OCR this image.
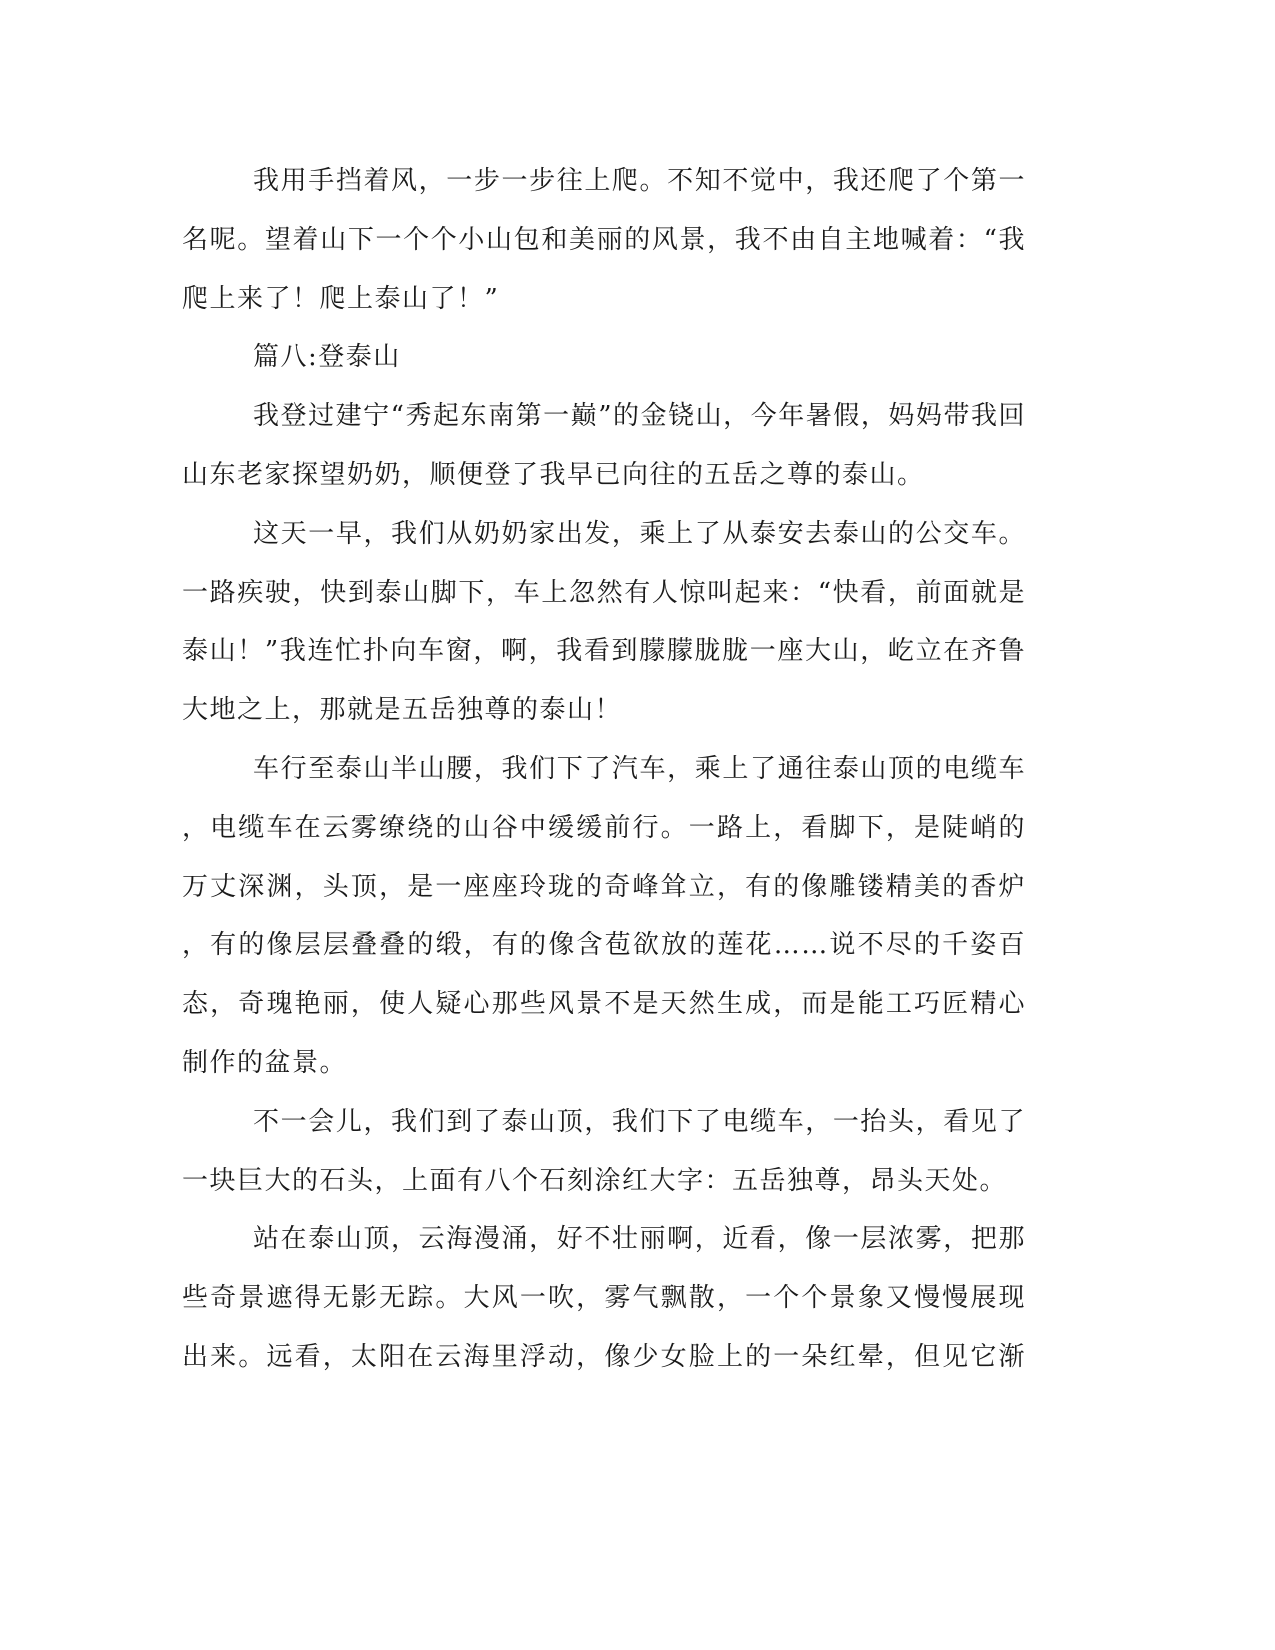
我用手挡着风，一步一步往上爬。不知不觉中，我还爬了个第一
名呢。望着山下一个个小山包和美丽的风景，我不由自主地喊着：“我
爬上来了！爬上泰山了！”
篇八:登泰山
我登过建宁“秀起东南第一巅”的金铙山，今年暑假，妈妈带我回
山东老家探望奶奶，顺便登了我早已向往的五岳之尊的泰山。
这天一早，我们从奶奶家出发，乘上了从泰安去泰山的公交车。
一路疾驶，快到泰山脚下，车上忽然有人惊叫起来：“快看，前面就是
泰山！”我连忙扑向车窗，啊，我看到朦朦胧胧一座大山，屹立在齐鲁
大地之上，那就是五岳独尊的泰山！
车行至泰山半山腰，我们下了汽车，乘上了通往泰山顶的电缆车
，电缆车在云雾缭绕的山谷中缓缓前行。一路上，看脚下，是陡峭的
万丈深渊，头顶，是一座座玲珑的奇峰耸立，有的像雕镂精美的香炉
，有的像层层叠叠的缎，有的像含苞欲放的莲花……说不尽的千姿百
态，奇瑰艳丽，使人疑心那些风景不是天然生成，而是能工巧匠精心
制作的盆景。
不一会儿，我们到了泰山顶，我们下了电缆车，一抬头，看见了
一块巨大的石头，上面有八个石刻涂红大字：五岳独尊，昂头天处。
站在泰山顶，云海漫涌，好不壮丽啊，近看，像一层浓雾，把那
些奇景遮得无影无踪。大风一吹，雾气飘散，一个个景象又慢慢展现
出来。远看，太阳在云海里浮动，像少女脸上的一朵红晕，但见它渐
